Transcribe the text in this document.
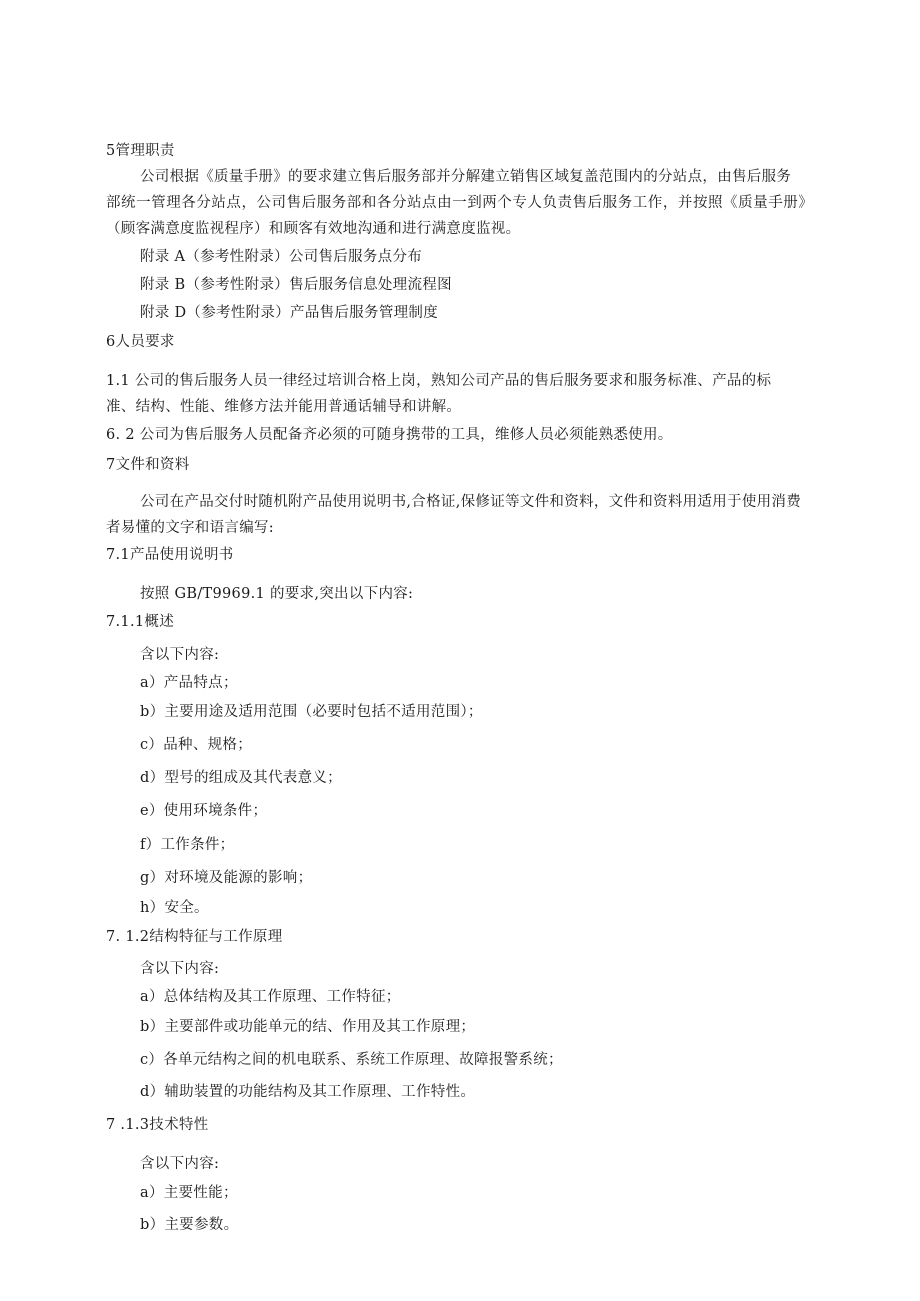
5管理职责
公司根据《质量手册》的要求建立售后服务部并分解建立销售区域复盖范围内的分站点，由售后服务
部统一管理各分站点，公司售后服务部和各分站点由一到两个专人负责售后服务工作，并按照《质量手册》
（顾客满意度监视程序）和顾客有效地沟通和进行满意度监视。
附录 A（参考性附录）公司售后服务点分布
附录 B（参考性附录）售后服务信息处理流程图
附录 D（参考性附录）产品售后服务管理制度
6人员要求
1.1 公司的售后服务人员一律经过培训合格上岗，熟知公司产品的售后服务要求和服务标准、产品的标
准、结构、性能、维修方法并能用普通话辅导和讲解。
6. 2 公司为售后服务人员配备齐必须的可随身携带的工具，维修人员必须能熟悉使用。
7文件和资料
公司在产品交付时随机附产品使用说明书,合格证,保修证等文件和资料，文件和资料用适用于使用消费
者易懂的文字和语言编写:
7.1产品使用说明书
按照 GB/T9969.1 的要求,突出以下内容:
7.1.1概述
含以下内容:
a）产品特点；
b）主要用途及适用范围（必要时包括不适用范围）；
c）品种、规格；
d）型号的组成及其代表意义；
e）使用环境条件；
f）工作条件；
g）对环境及能源的影响；
h）安全。
7. 1.2结构特征与工作原理
含以下内容:
a）总体结构及其工作原理、工作特征；
b）主要部件或功能单元的结、作用及其工作原理；
c）各单元结构之间的机电联系、系统工作原理、故障报警系统；
d）辅助装置的功能结构及其工作原理、工作特性。
7 .1.3技术特性
含以下内容:
a）主要性能；
b）主要参数。
